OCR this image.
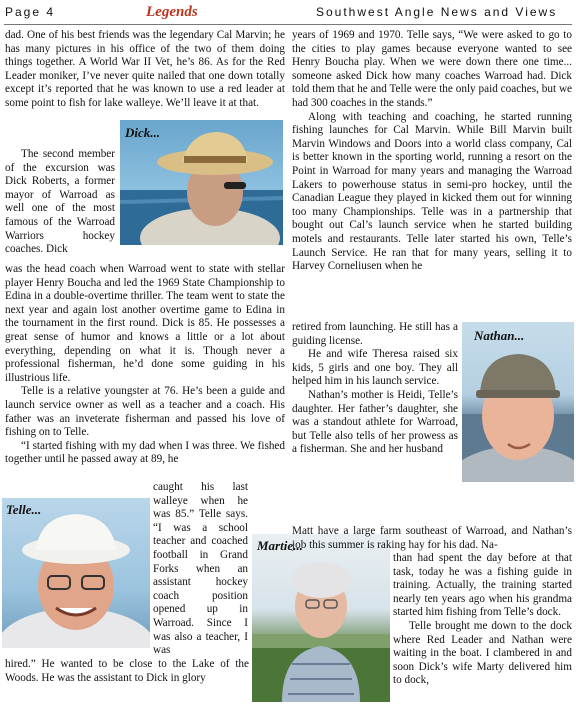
Page 4	Legends	Southwest Angle News and Views

dad. One of his best friends was the legendary Cal Marvin; he has many pictures in his office of the two of them doing things together. A World War II Vet, he’s 86. As for the Red Leader moniker, I’ve never quite nailed that one down totally except it’s reported that he was known to use a red leader at some point to fish for lake walleye. We’ll leave it at that.

Dick...

The second member of the excursion was Dick Roberts, a former mayor of Warroad as well one of the most famous of the Warroad Warriors hockey coaches. Dick

was the head coach when Warroad went to state with stellar player Henry Boucha and led the 1969 State Championship to Edina in a double-overtime thriller. The team went to state the next year and again lost another overtime game to Edina in the tournament in the first round. Dick is 85. He possesses a great sense of humor and knows a little or a lot about everything, depending on what it is. Though never a professional fisherman, he’d done some guiding in his illustrious life.

Telle is a relative youngster at 76. He’s been a guide and launch service owner as well as a teacher and a coach. His father was an inveterate fisherman and passed his love of fishing on to Telle.

“I started fishing with my dad when I was three. We fished together until he passed away at 89, he

Telle...

caught his last walleye when he was 85.” Telle says. “I was a school teacher and coached football in Grand Forks when an assistant hockey coach position opened up in Warroad. Since I was also a teacher, I was

hired.” He wanted to be close to the Lake of the Woods. He was the assistant to Dick in glory

Martie...

years of 1969 and 1970. Telle says, “We were asked to go to the cities to play games because everyone wanted to see Henry Boucha play. When we were down there one time... someone asked Dick how many coaches Warroad had. Dick told them that he and Telle were the only paid coaches, but we had 300 coaches in the stands.”

Along with teaching and coaching, he started running fishing launches for Cal Marvin. While Bill Marvin built Marvin Windows and Doors into a world class company, Cal is better known in the sporting world, running a resort on the Point in Warroad for many years and managing the Warroad Lakers to powerhouse status in semi-pro hockey, until the Canadian League they played in kicked them out for winning too many Championships. Telle was in a partnership that bought out Cal’s launch service when he started building motels and restaurants. Telle later started his own, Telle’s Launch Service. He ran that for many years, selling it to Harvey Corneliusen when he

Nathan...

retired from launching. He still has a guiding license.

He and wife Theresa raised six kids, 5 girls and one boy. They all helped him in his launch service.

Nathan’s mother is Heidi, Telle’s daughter. Her father’s daughter, she was a standout athlete for Warroad, but Telle also tells of her prowess as a fisherman. She and her husband

Matt have a large farm southeast of Warroad, and Nathan’s job this summer is raking hay for his dad. Na-

than had spent the day before at that task, today he was a fishing guide in training. Actually, the training started nearly ten years ago when his grandma started him fishing from Telle’s dock.

Telle brought me down to the dock where Red Leader and Nathan were waiting in the boat. I clambered in and soon Dick’s wife Marty delivered him to dock,
